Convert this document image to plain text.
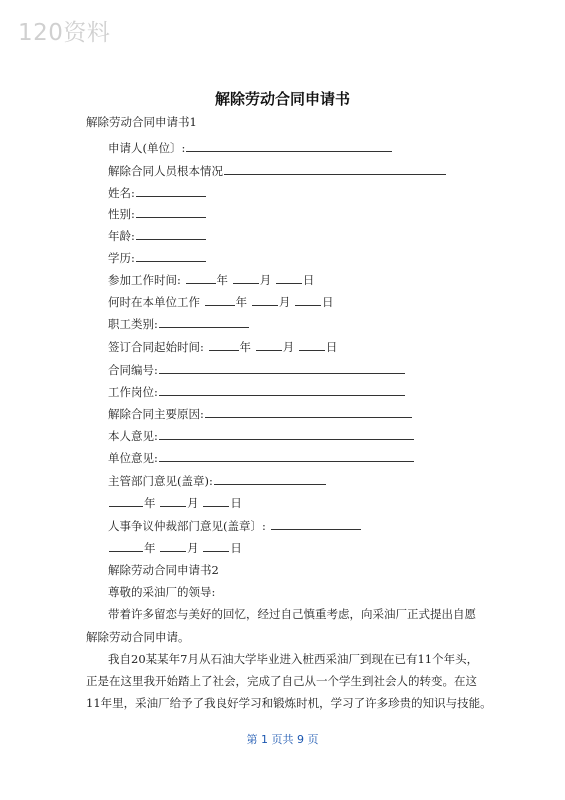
120资料
解除劳动合同申请书
解除劳动合同申请书1
申请人(单位〕:
解除合同人员根本情况
姓名:
性别:
年龄:
学历:
参加工作时间:	年	月	日
何时在本单位工作	年	月	日
职工类别:
签订合同起始时间:	年	月	日
合同编号:
工作岗位:
解除合同主要原因:
本人意见:
单位意见:
主管部门意见(盖章):
年	月	日
人事争议仲裁部门意见(盖章〕:
年	月	日
解除劳动合同申请书2
尊敬的采油厂的领导:
带着许多留恋与美好的回忆，经过自己慎重考虑，向采油厂正式提出自愿
解除劳动合同申请。
我自20某某年7月从石油大学毕业进入桩西采油厂到现在已有11个年头，
正是在这里我开始踏上了社会，完成了自己从一个学生到社会人的转变。在这
11年里，采油厂给予了我良好学习和锻炼时机，学习了许多珍贵的知识与技能。
第 1 页共 9 页
